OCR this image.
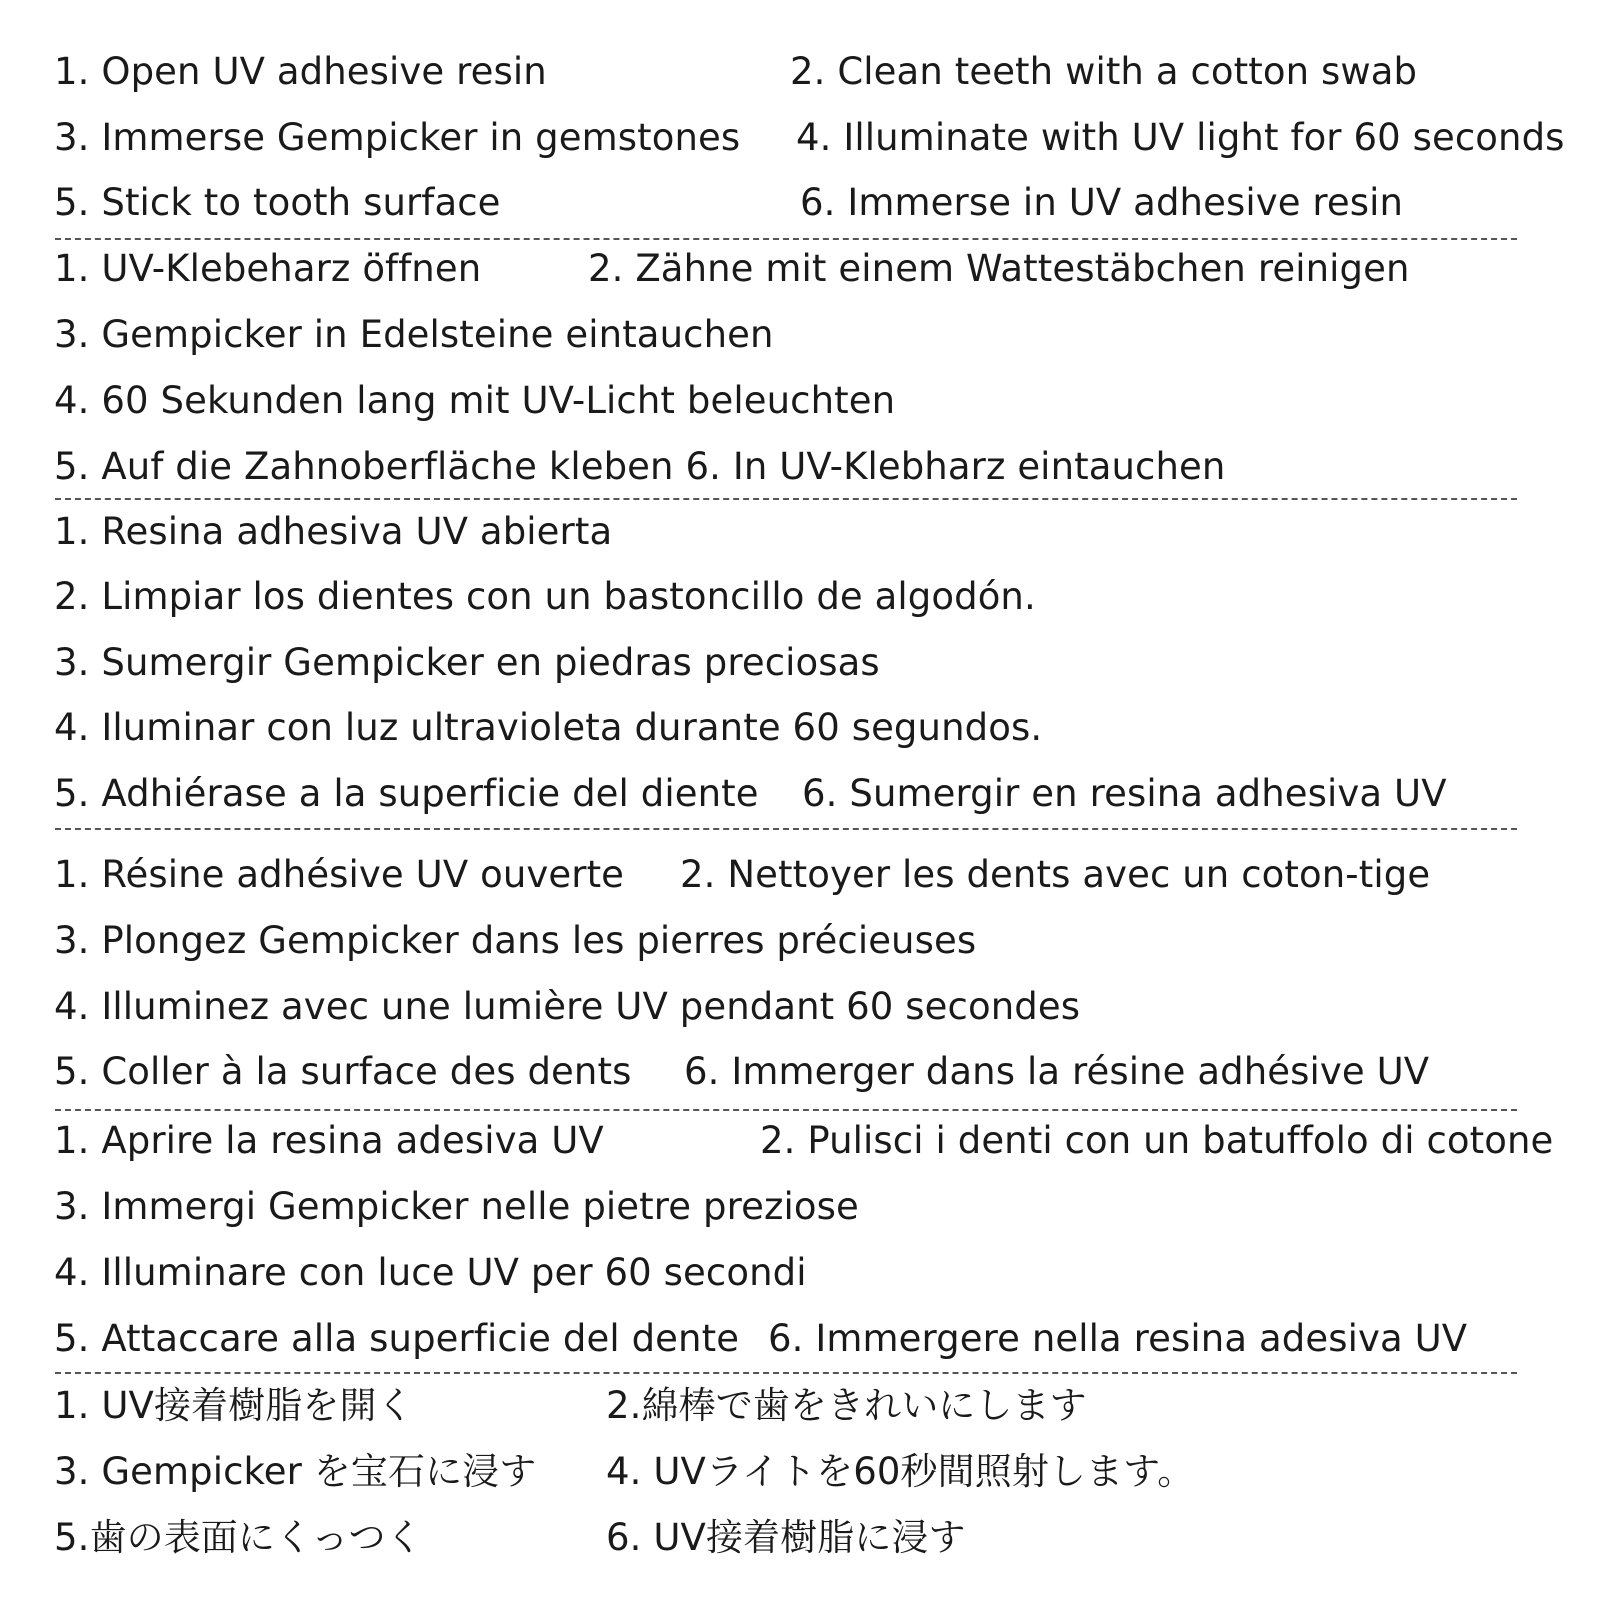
1. Open UV adhesive resin	2. Clean teeth with a cotton swab
3. Immerse Gempicker in gemstones 4. Illuminate with UV light for 60 seconds
5. Stick to tooth surface	6. Immerse in UV adhesive resin
1. UV-Klebeharz öffnen	2. Zähne mit einem Wattestäbchen reinigen
3. Gempicker in Edelsteine eintauchen
4. 60 Sekunden lang mit UV-Licht beleuchten
5. Auf die Zahnoberfläche kleben 6. In UV-Klebharz eintauchen
1. Resina adhesiva UV abierta
2. Limpiar los dientes con un bastoncillo de algodón.
3. Sumergir Gempicker en piedras preciosas
4. Iluminar con luz ultravioleta durante 60 segundos.
5. Adhiérase a la superficie del diente 6. Sumergir en resina adhesiva UV
1. Résine adhésive UV ouverte 2. Nettoyer les dents avec un coton-tige
3. Plongez Gempicker dans les pierres précieuses
4. Illuminez avec une lumière UV pendant 60 secondes
5. Coller à la surface des dents 6. Immerger dans la résine adhésive UV
1. Aprire la resina adesiva UV	2. Pulisci i denti con un batuffolo di cotone
3. Immergi Gempicker nelle pietre preziose
4. Illuminare con luce UV per 60 secondi
5. Attaccare alla superficie del dente 6. Immergere nella resina adesiva UV
1. UV接着樹脂を開く	2.綿棒で歯をきれいにします
3. Gempicker を宝石に浸す 4. UVライトを60秒間照射します。
5.歯の表面にくっつく	6. UV接着樹脂に浸す
